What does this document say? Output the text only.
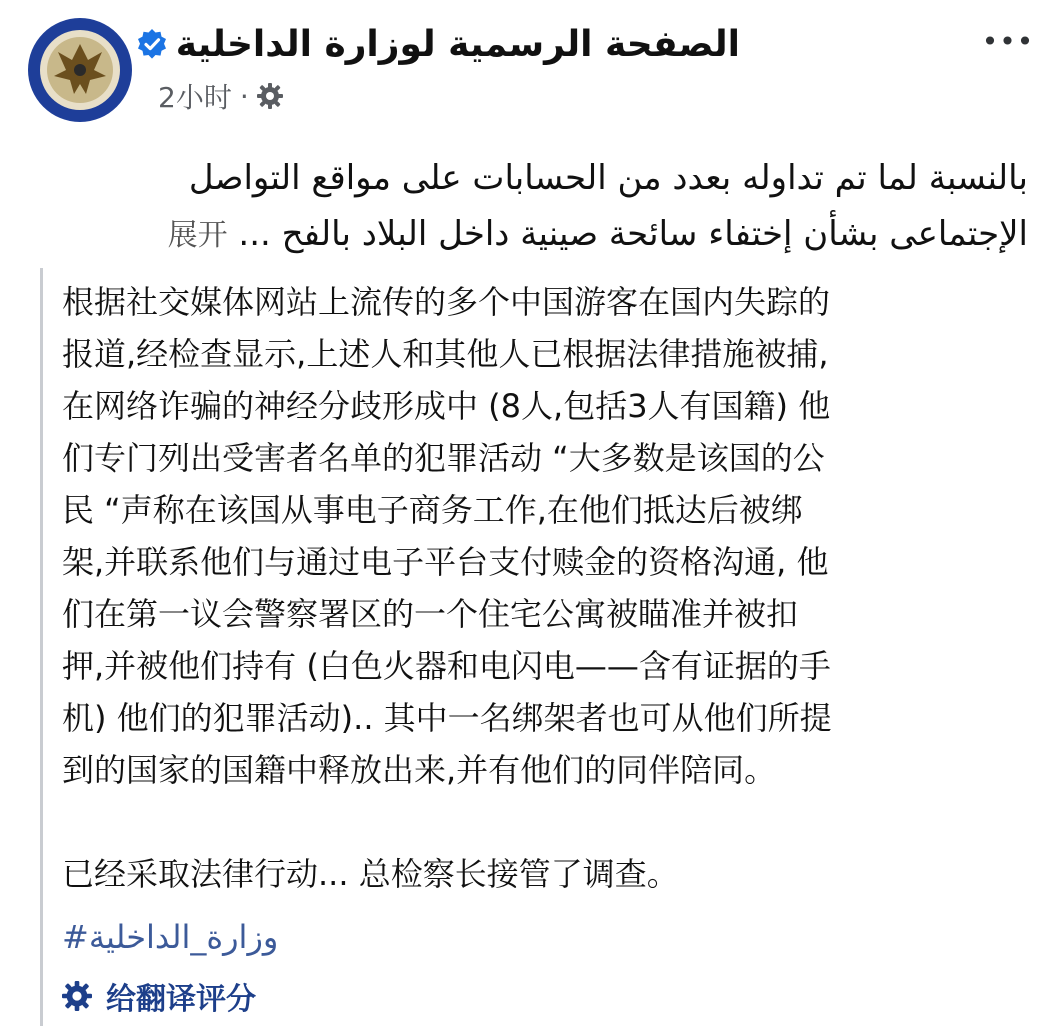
الصفحة الرسمية لوزارة الداخلية
2小时 ·
•••
بالنسبة لما تم تداوله بعدد من الحسابات على مواقع التواصل
الإجتماعى بشأن إختفاء سائحة صينية داخل البلاد بالفح ... 展开
根据社交媒体网站上流传的多个中国游客在国内失踪的
报道,经检查显示,上述人和其他人已根据法律措施被捕,
在网络诈骗的神经分歧形成中 (8人,包括3人有国籍) 他
们专门列出受害者名单的犯罪活动 “大多数是该国的公
民 “声称在该国从事电子商务工作,在他们抵达后被绑
架,并联系他们与通过电子平台支付赎金的资格沟通, 他
们在第一议会警察署区的一个住宅公寓被瞄准并被扣
押,并被他们持有 (白色火器和电闪电——含有证据的手
机) 他们的犯罪活动).. 其中一名绑架者也可从他们所提
到的国家的国籍中释放出来,并有他们的同伴陪同。
已经采取法律行动... 总检察长接管了调查。
#وزارة_الداخلية
给翻译评分
